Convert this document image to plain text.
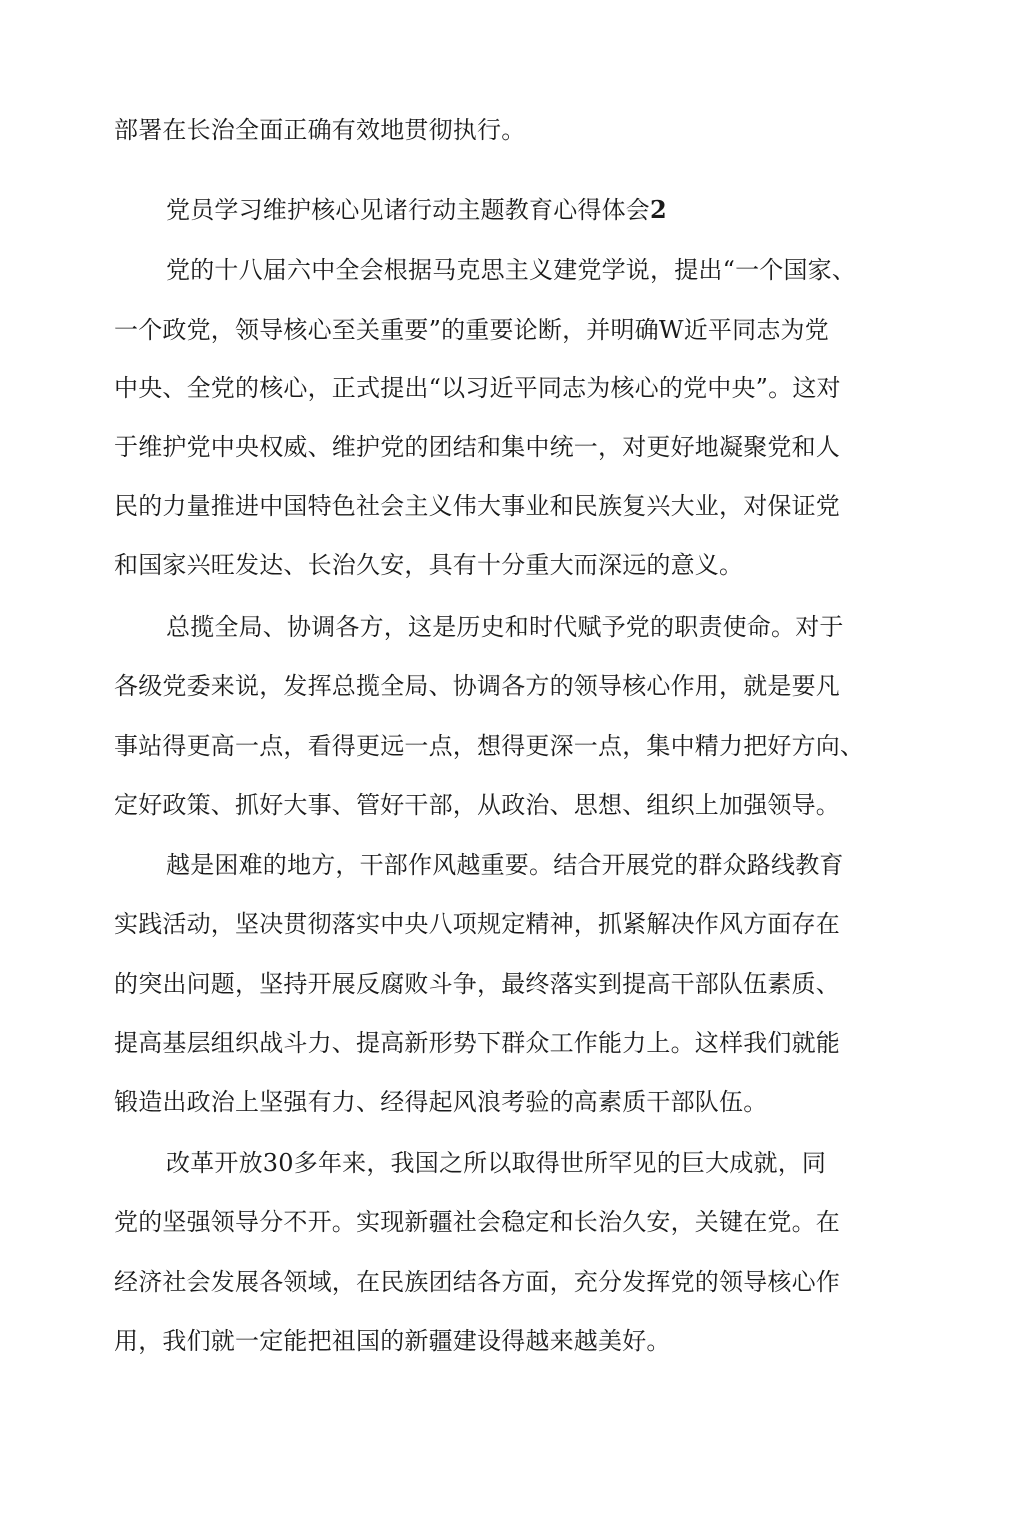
部署在长治全面正确有效地贯彻执行。
党员学习维护核心见诸行动主题教育心得体会2
党的十八届六中全会根据马克思主义建党学说，提出“一个国家、
一个政党，领导核心至关重要”的重要论断，并明确W近平同志为党
中央、全党的核心，正式提出“以习近平同志为核心的党中央”。这对
于维护党中央权威、维护党的团结和集中统一，对更好地凝聚党和人
民的力量推进中国特色社会主义伟大事业和民族复兴大业，对保证党
和国家兴旺发达、长治久安，具有十分重大而深远的意义。
总揽全局、协调各方，这是历史和时代赋予党的职责使命。对于
各级党委来说，发挥总揽全局、协调各方的领导核心作用，就是要凡
事站得更高一点，看得更远一点，想得更深一点，集中精力把好方向、
定好政策、抓好大事、管好干部，从政治、思想、组织上加强领导。
越是困难的地方，干部作风越重要。结合开展党的群众路线教育
实践活动，坚决贯彻落实中央八项规定精神，抓紧解决作风方面存在
的突出问题，坚持开展反腐败斗争，最终落实到提高干部队伍素质、
提高基层组织战斗力、提高新形势下群众工作能力上。这样我们就能
锻造出政治上坚强有力、经得起风浪考验的高素质干部队伍。
改革开放30多年来，我国之所以取得世所罕见的巨大成就，同
党的坚强领导分不开。实现新疆社会稳定和长治久安，关键在党。在
经济社会发展各领域，在民族团结各方面，充分发挥党的领导核心作
用，我们就一定能把祖国的新疆建设得越来越美好。
